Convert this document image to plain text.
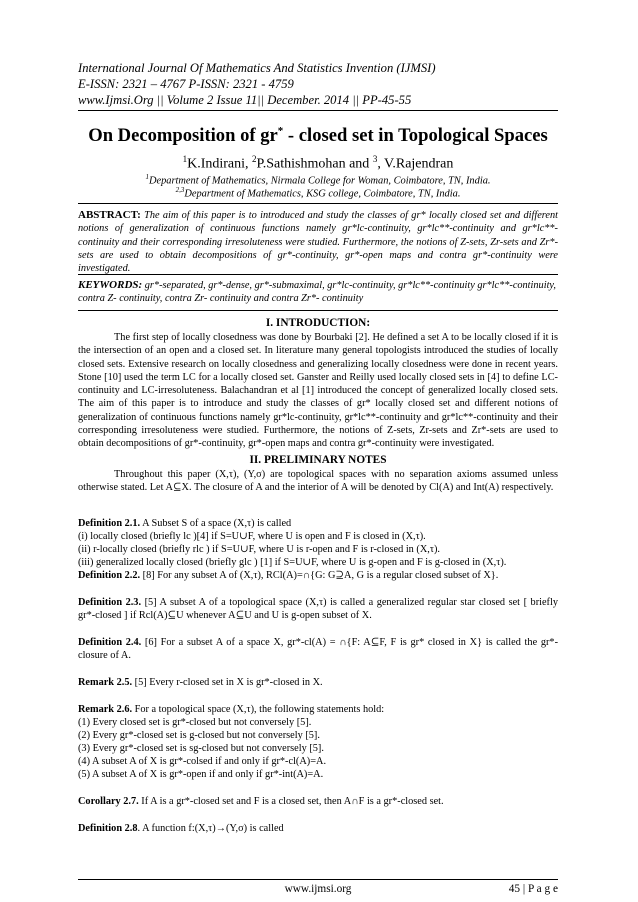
International Journal Of Mathematics And Statistics Invention (IJMSI)
E-ISSN: 2321 – 4767 P-ISSN: 2321 - 4759
www.Ijmsi.Org || Volume 2 Issue 11|| December. 2014 || PP-45-55
On Decomposition of gr* - closed set in Topological Spaces
$^1$K.Indirani, $^2$P.Sathishmohan and $^3$, V.Rajendran
$^1$Department of Mathematics, Nirmala College for Woman, Coimbatore, TN, India.
$^{2,3}$Department of Mathematics, KSG college, Coimbatore, TN, India.
ABSTRACT: The aim of this paper is to introduced and study the classes of gr* locally closed set and different notions of generalization of continuous functions namely gr*lc-continuity, gr*lc**-continuity and gr*lc**-continuity and their corresponding irresoluteness were studied. Furthermore, the notions of Z-sets, Zr-sets and Zr*-sets are used to obtain decompositions of gr*-continuity, gr*-open maps and contra gr*-continuity were investigated.
KEYWORDS: gr*-separated, gr*-dense, gr*-submaximal, gr*lc-continuity, gr*lc**-continuity gr*lc**-continuity, contra Z- continuity, contra Zr- continuity and contra Zr*- continuity
I. INTRODUCTION:
The first step of locally closedness was done by Bourbaki [2]. He defined a set A to be locally closed if it is the intersection of an open and a closed set. In literature many general topologists introduced the studies of locally closed sets. Extensive research on locally closedness and generalizing locally closedness were done in recent years. Stone [10] used the term LC for a locally closed set. Ganster and Reilly used locally closed sets in [4] to define LC-continuity and LC-irresoluteness. Balachandran et al [1] introduced the concept of generalized locally closed sets. The aim of this paper is to introduce and study the classes of gr* locally closed set and different notions of generalization of continuous functions namely gr*lc-continuity, gr*lc**-continuity and gr*lc**-continuity and their corresponding irresoluteness were studied. Furthermore, the notions of Z-sets, Zr-sets and Zr*-sets are used to obtain decompositions of gr*-continuity, gr*-open maps and contra gr*-continuity were investigated.
II. PRELIMINARY NOTES
Throughout this paper (X,τ), (Y,σ) are topological spaces with no separation axioms assumed unless otherwise stated. Let A⊆X. The closure of A and the interior of A will be denoted by Cl(A) and Int(A) respectively.
Definition 2.1. A Subset S of a space (X,τ) is called
(i) locally closed (briefly lc )[4] if S=U∪F, where U is open and F is closed in (X,τ).
(ii) r-locally closed (briefly rlc ) if S=U∪F, where U is r-open and F is r-closed in (X,τ).
(iii) generalized locally closed (briefly glc ) [1] if S=U∪F, where U is g-open and F is g-closed in (X,τ).
Definition 2.2. [8] For any subset A of (X,τ), RCl(A)=∩{G: G⊇A, G is a regular closed subset of X}.
Definition 2.3. [5] A subset A of a topological space (X,τ) is called a generalized regular star closed set [ briefly gr*-closed ] if Rcl(A)⊆U whenever A⊆U and U is g-open subset of X.
Definition 2.4. [6] For a subset A of a space X, gr*-cl(A) = ∩{F: A⊆F, F is gr* closed in X} is called the gr*-closure of A.
Remark 2.5. [5] Every r-closed set in X is gr*-closed in X.
Remark 2.6. For a topological space (X,τ), the following statements hold:
(1) Every closed set is gr*-closed but not conversely [5].
(2) Every gr*-closed set is g-closed but not conversely [5].
(3) Every gr*-closed set is sg-closed but not conversely [5].
(4) A subset A of X is gr*-colsed if and only if gr*-cl(A)=A.
(5) A subset A of X is gr*-open if and only if gr*-int(A)=A.
Corollary 2.7. If A is a gr*-closed set and F is a closed set, then A∩F is a gr*-closed set.
Definition 2.8. A function f:(X,τ)→(Y,σ) is called
www.ijmsi.org	45 | P a g e
